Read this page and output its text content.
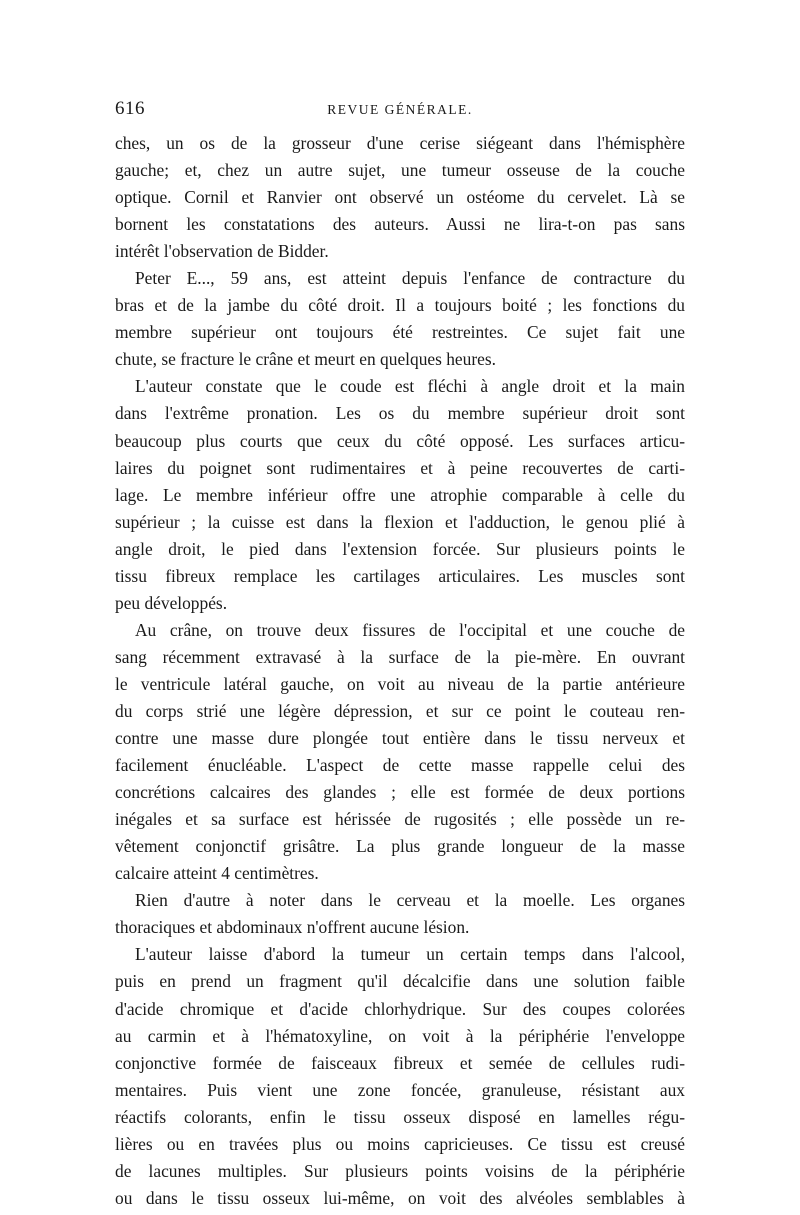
616	REVUE GÉNÉRALE.
ches, un os de la grosseur d'une cerise siégeant dans l'hémisphère
gauche; et, chez un autre sujet, une tumeur osseuse de la couche
optique. Cornil et Ranvier ont observé un ostéome du cervelet. Là se
bornent les constatations des auteurs. Aussi ne lira-t-on pas sans
intérêt l'observation de Bidder.
Peter E..., 59 ans, est atteint depuis l'enfance de contracture du
bras et de la jambe du côté droit. Il a toujours boité ; les fonctions du
membre supérieur ont toujours été restreintes. Ce sujet fait une
chute, se fracture le crâne et meurt en quelques heures.
L'auteur constate que le coude est fléchi à angle droit et la main
dans l'extrême pronation. Les os du membre supérieur droit sont
beaucoup plus courts que ceux du côté opposé. Les surfaces articu-
laires du poignet sont rudimentaires et à peine recouvertes de carti-
lage. Le membre inférieur offre une atrophie comparable à celle du
supérieur ; la cuisse est dans la flexion et l'adduction, le genou plié à
angle droit, le pied dans l'extension forcée. Sur plusieurs points le
tissu fibreux remplace les cartilages articulaires. Les muscles sont
peu développés.
Au crâne, on trouve deux fissures de l'occipital et une couche de
sang récemment extravasé à la surface de la pie-mère. En ouvrant
le ventricule latéral gauche, on voit au niveau de la partie antérieure
du corps strié une légère dépression, et sur ce point le couteau ren-
contre une masse dure plongée tout entière dans le tissu nerveux et
facilement énucléable. L'aspect de cette masse rappelle celui des
concrétions calcaires des glandes ; elle est formée de deux portions
inégales et sa surface est hérissée de rugosités ; elle possède un re-
vêtement conjonctif grisâtre. La plus grande longueur de la masse
calcaire atteint 4 centimètres.
Rien d'autre à noter dans le cerveau et la moelle. Les organes
thoraciques et abdominaux n'offrent aucune lésion.
L'auteur laisse d'abord la tumeur un certain temps dans l'alcool,
puis en prend un fragment qu'il décalcifie dans une solution faible
d'acide chromique et d'acide chlorhydrique. Sur des coupes colorées
au carmin et à l'hématoxyline, on voit à la périphérie l'enveloppe
conjonctive formée de faisceaux fibreux et semée de cellules rudi-
mentaires. Puis vient une zone foncée, granuleuse, résistant aux
réactifs colorants, enfin le tissu osseux disposé en lamelles régu-
lières ou en travées plus ou moins capricieuses. Ce tissu est creusé
de lacunes multiples. Sur plusieurs points voisins de la périphérie
ou dans le tissu osseux lui-même, on voit des alvéoles semblables à
